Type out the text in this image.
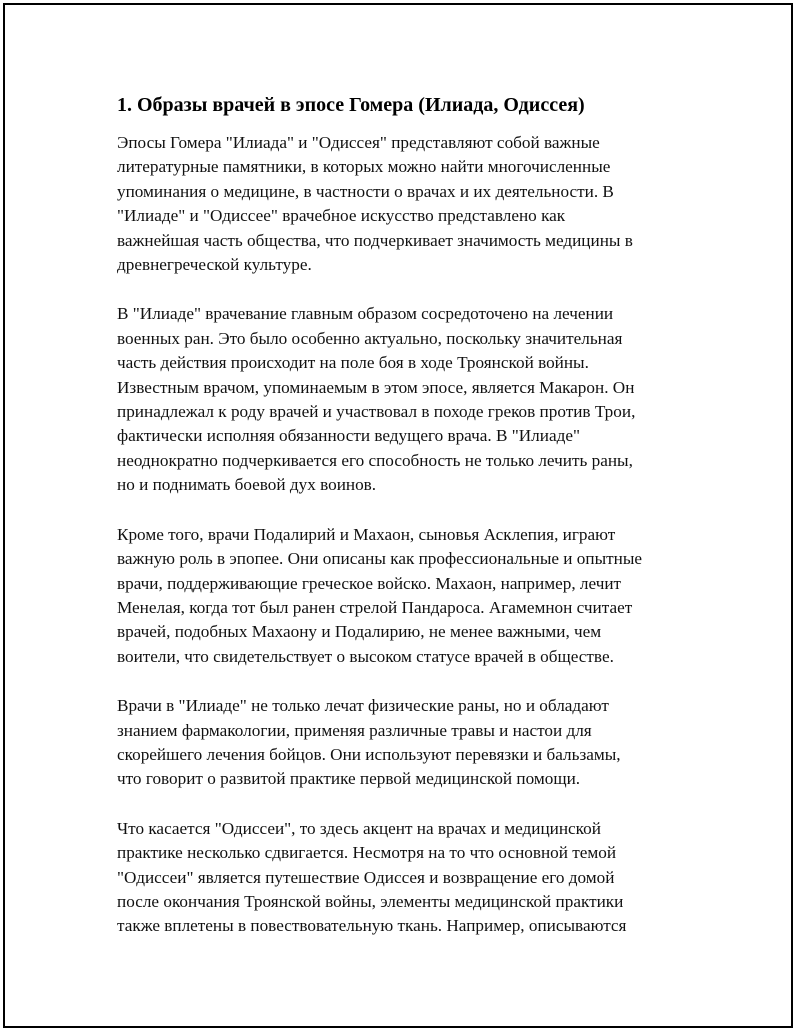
1. Образы врачей в эпосе Гомера (Илиада, Одиссея)
Эпосы Гомера "Илиада" и "Одиссея" представляют собой важные
литературные памятники, в которых можно найти многочисленные
упоминания о медицине, в частности о врачах и их деятельности. В
"Илиаде" и "Одиссее" врачебное искусство представлено как
важнейшая часть общества, что подчеркивает значимость медицины в
древнегреческой культуре.
В "Илиаде" врачевание главным образом сосредоточено на лечении
военных ран. Это было особенно актуально, поскольку значительная
часть действия происходит на поле боя в ходе Троянской войны.
Известным врачом, упоминаемым в этом эпосе, является Макарон. Он
принадлежал к роду врачей и участвовал в походе греков против Трои,
фактически исполняя обязанности ведущего врача. В "Илиаде"
неоднократно подчеркивается его способность не только лечить раны,
но и поднимать боевой дух воинов.
Кроме того, врачи Подалирий и Махаон, сыновья Асклепия, играют
важную роль в эпопее. Они описаны как профессиональные и опытные
врачи, поддерживающие греческое войско. Махаон, например, лечит
Менелая, когда тот был ранен стрелой Пандароса. Агамемнон считает
врачей, подобных Махаону и Подалирию, не менее важными, чем
воители, что свидетельствует о высоком статусе врачей в обществе.
Врачи в "Илиаде" не только лечат физические раны, но и обладают
знанием фармакологии, применяя различные травы и настои для
скорейшего лечения бойцов. Они используют перевязки и бальзамы,
что говорит о развитой практике первой медицинской помощи.
Что касается "Одиссеи", то здесь акцент на врачах и медицинской
практике несколько сдвигается. Несмотря на то что основной темой
"Одиссеи" является путешествие Одиссея и возвращение его домой
после окончания Троянской войны, элементы медицинской практики
также вплетены в повествовательную ткань. Например, описываются
